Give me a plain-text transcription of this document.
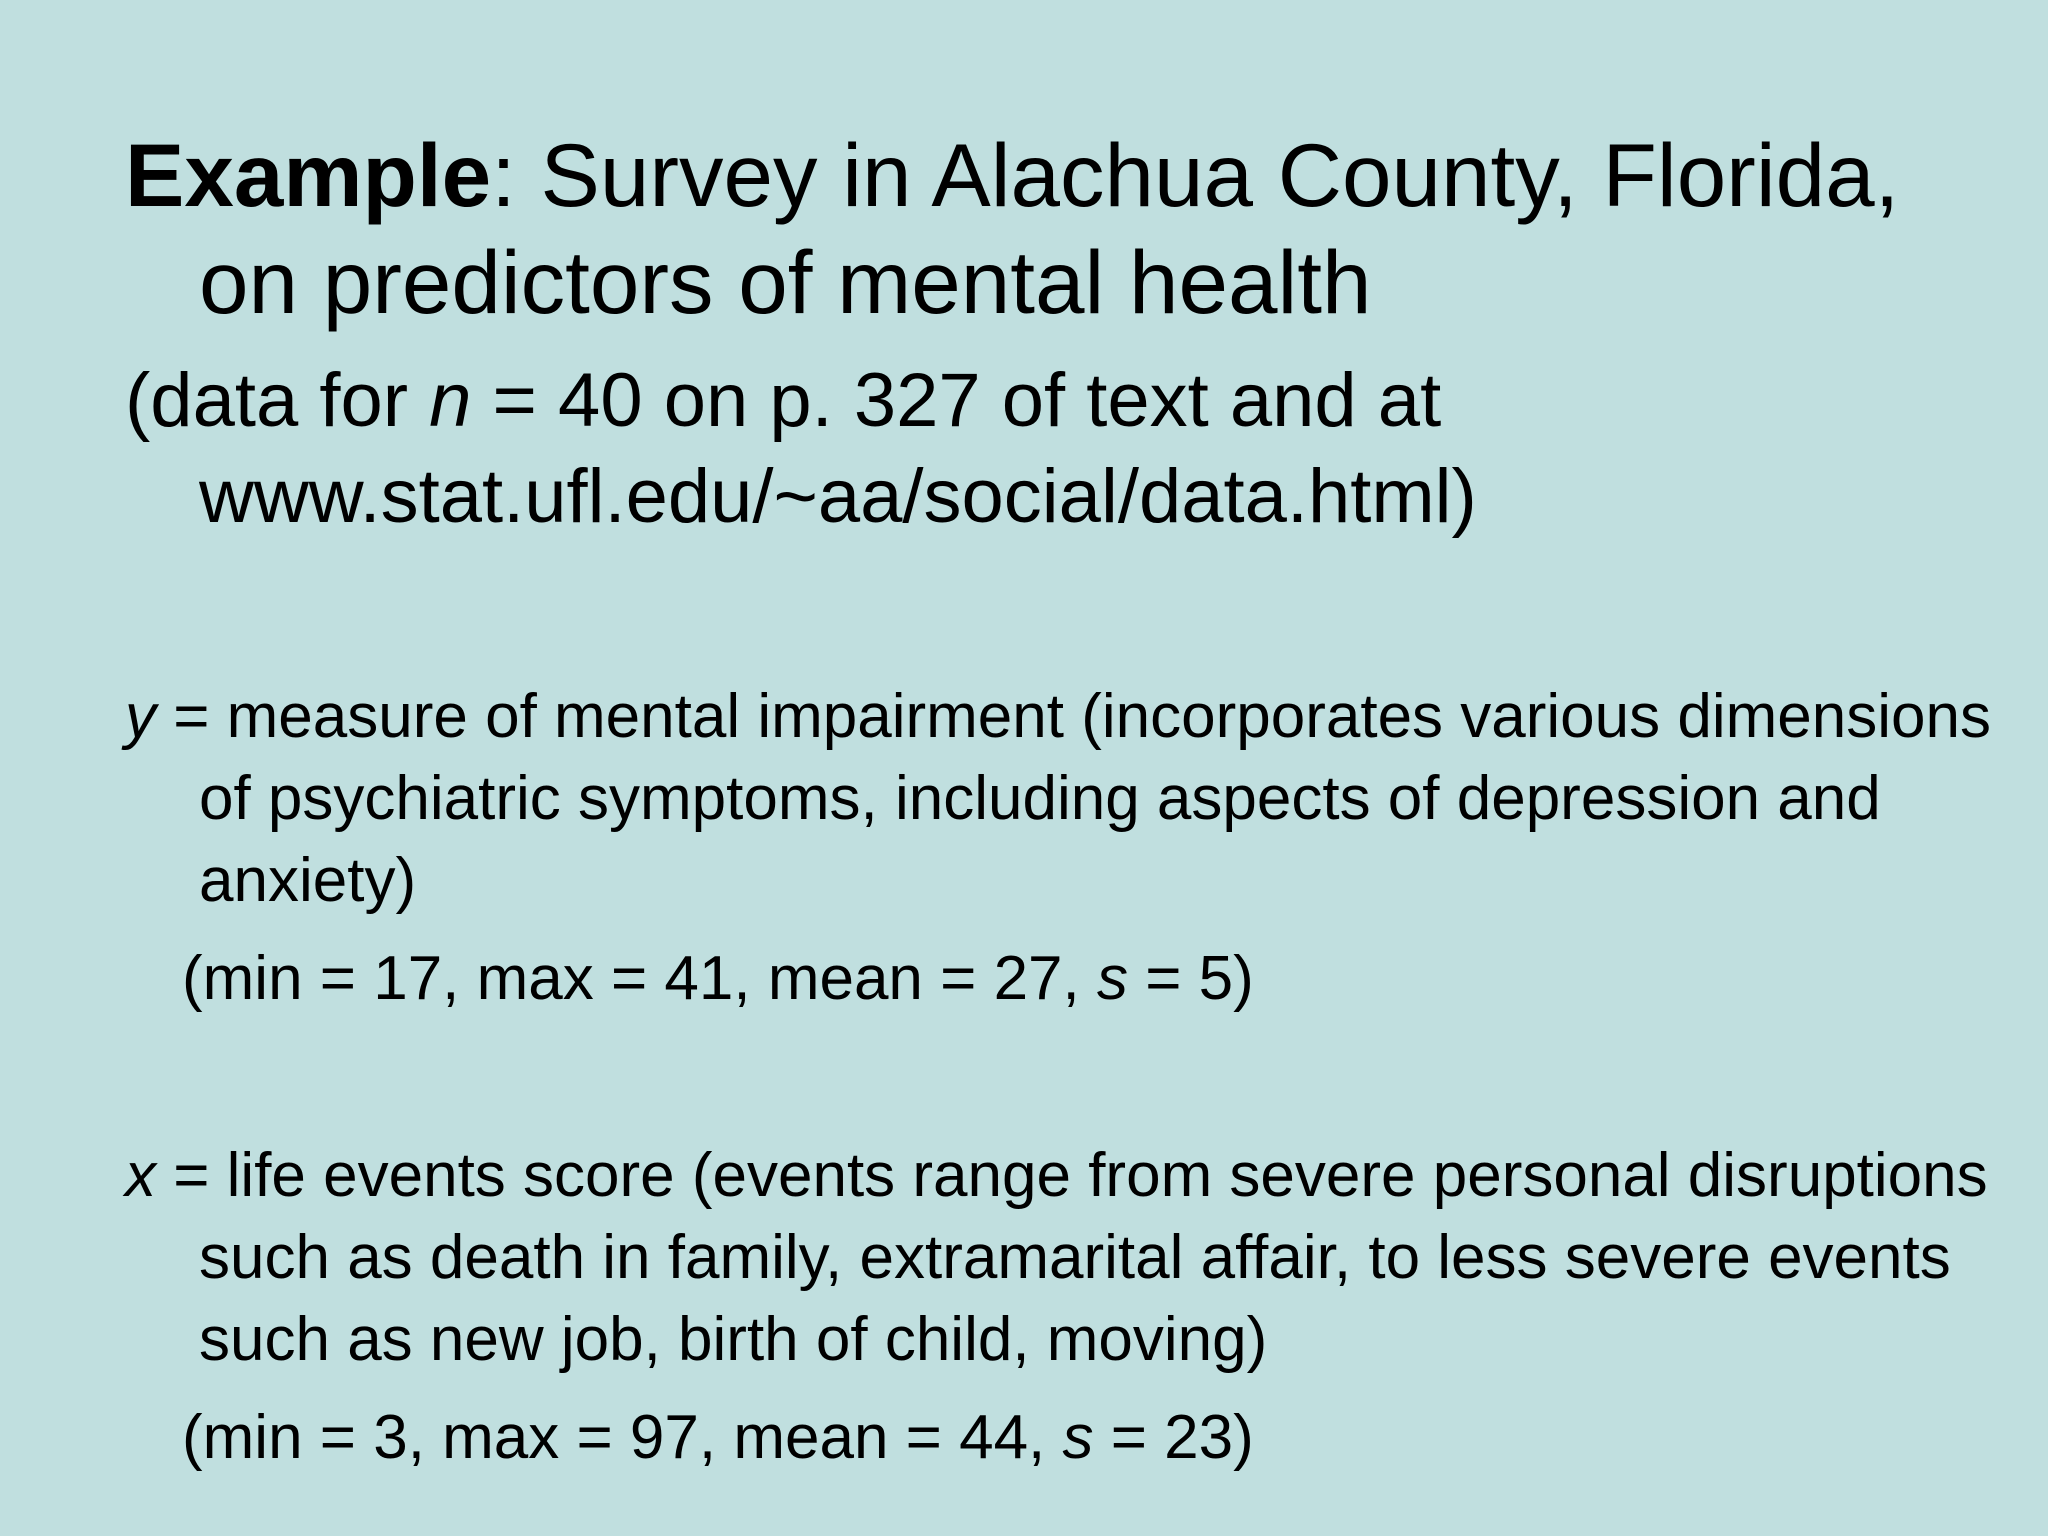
Example: Survey in Alachua County, Florida, on predictors of mental health

(data for n = 40 on p. 327 of text and at www.stat.ufl.edu/~aa/social/data.html)

y = measure of mental impairment (incorporates various dimensions of psychiatric symptoms, including aspects of depression and anxiety)

(min = 17, max = 41, mean = 27, s = 5)

x = life events score (events range from severe personal disruptions such as death in family, extramarital affair, to less severe events such as new job, birth of child, moving)

(min = 3, max = 97, mean = 44, s = 23)
